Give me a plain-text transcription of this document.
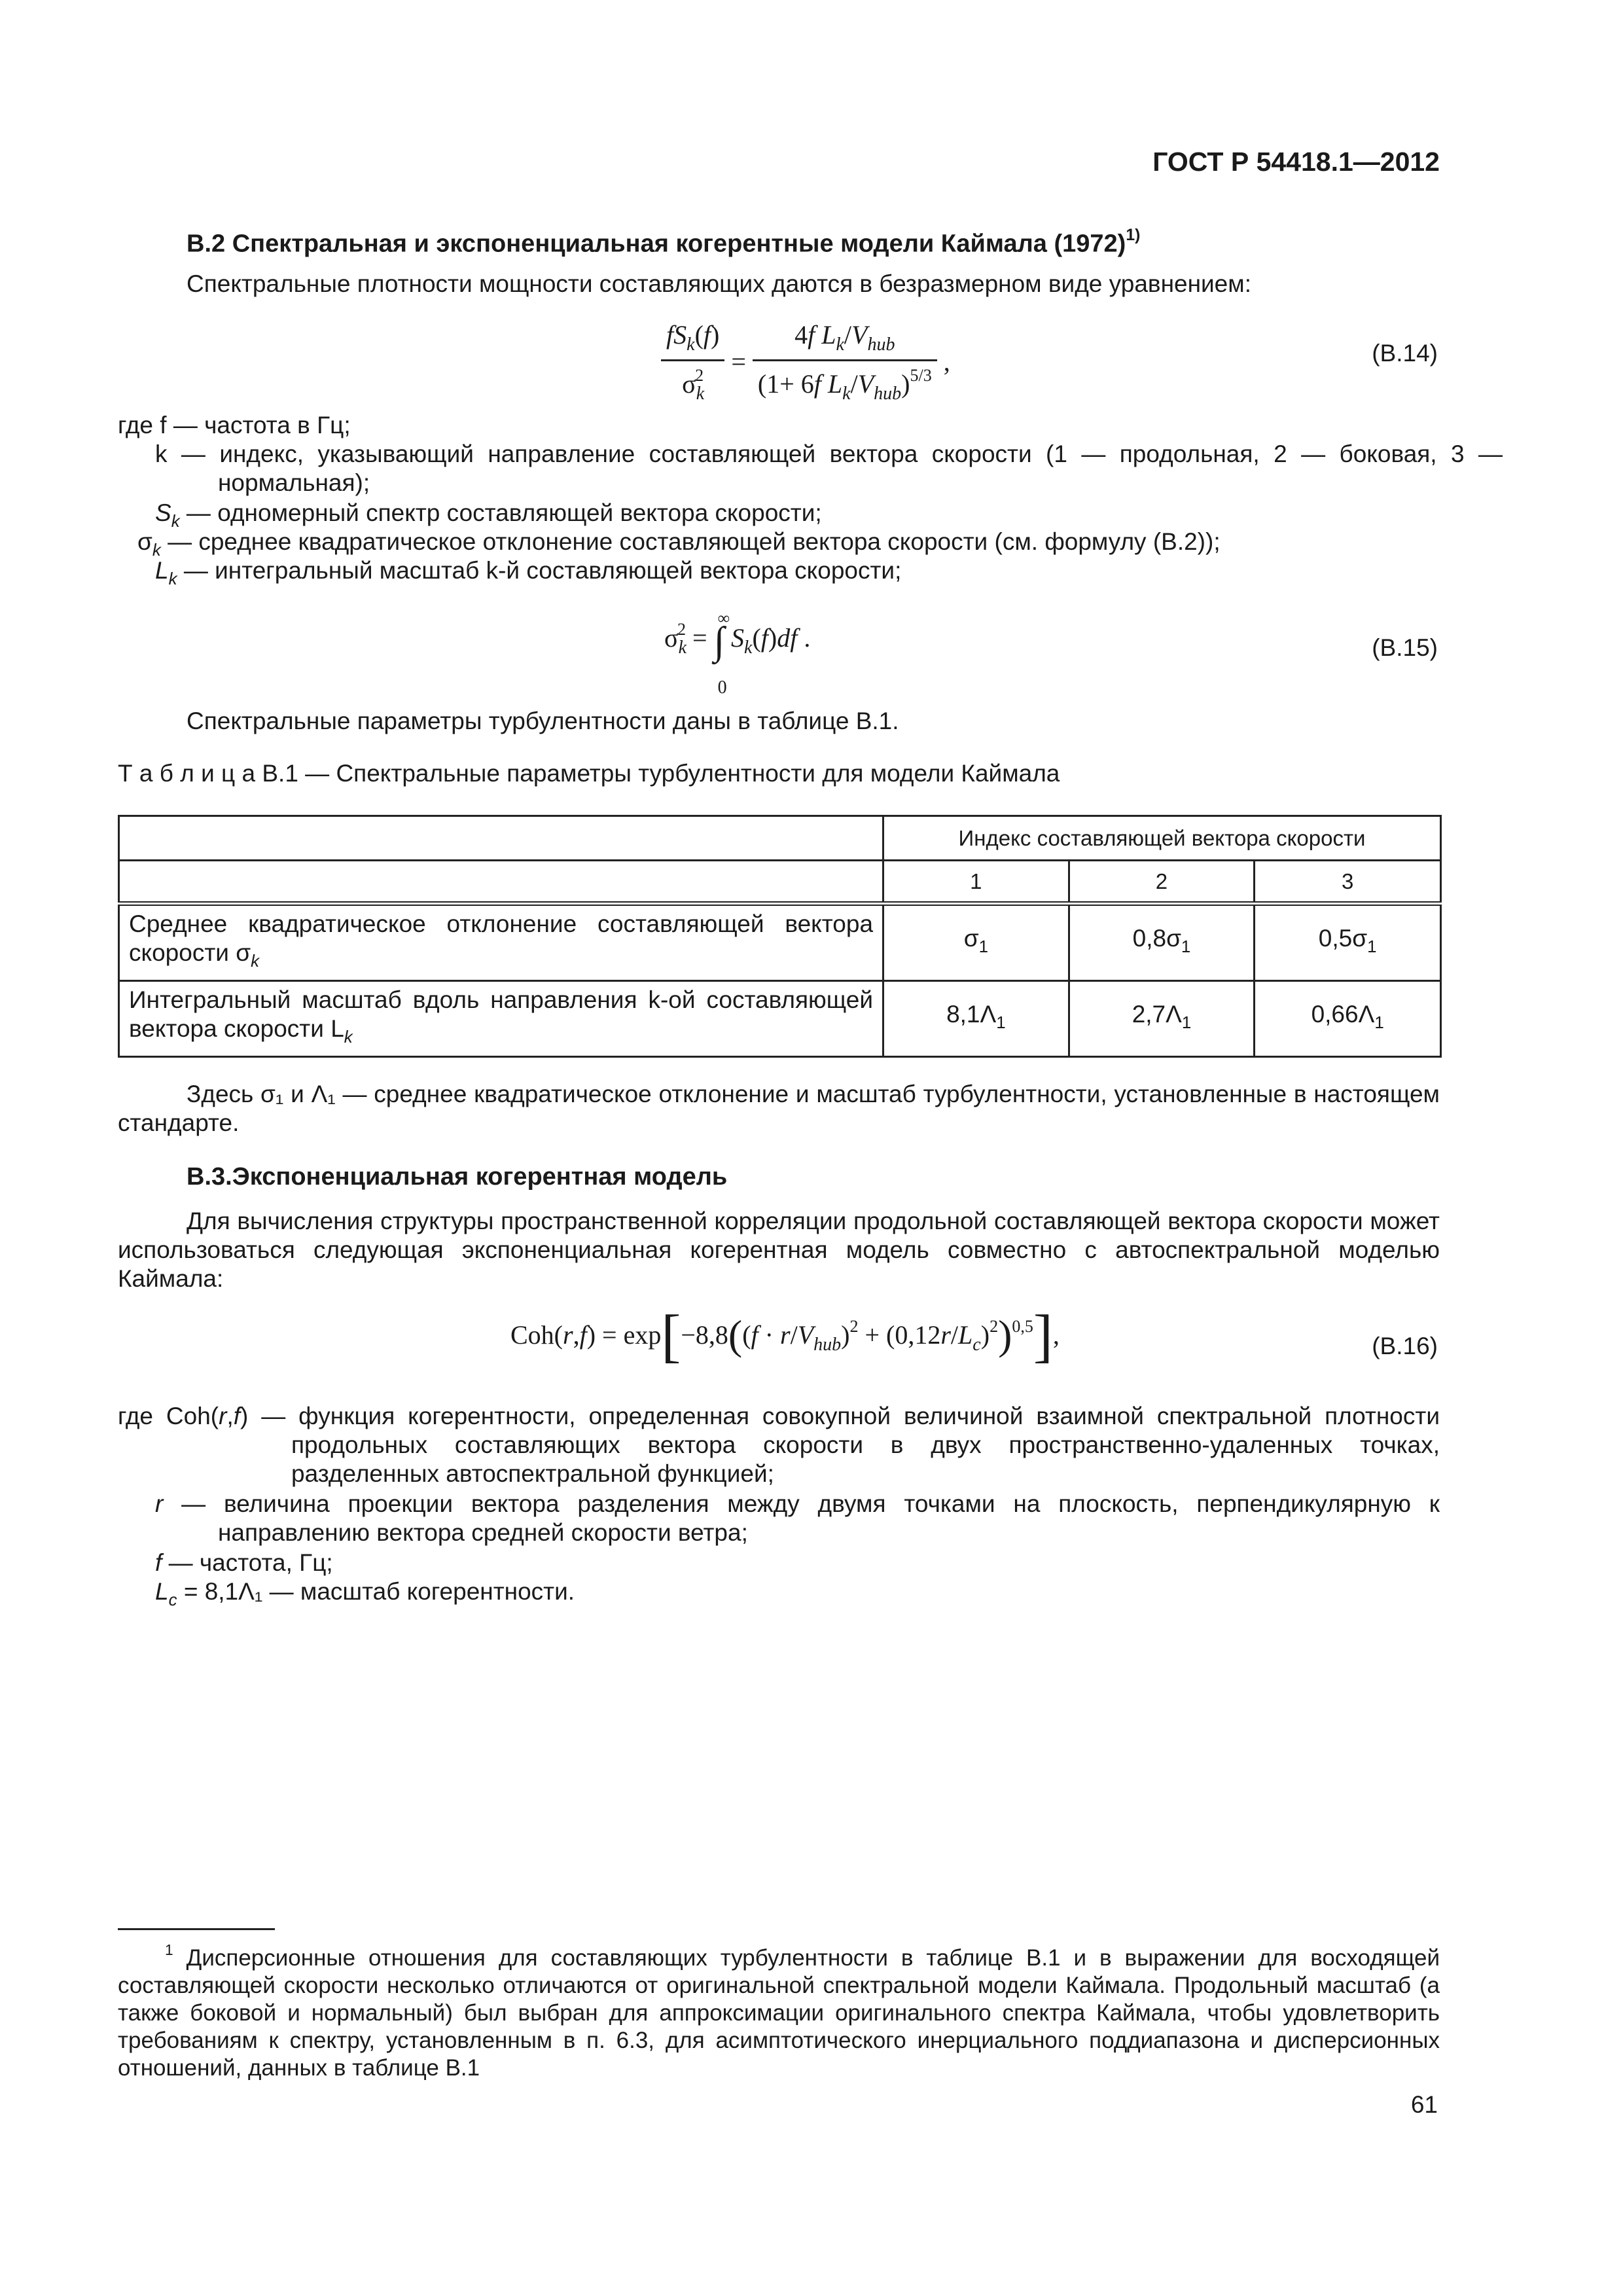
ГОСТ Р 54418.1—2012
В.2 Спектральная и экспоненциальная когерентные модели Каймала $(1972)^{1)}$
Спектральные плотности мощности составляющих даются в безразмерном виде уравнением:
$\frac{fS_k(f)}{\sigma_k^2} = \frac{4f L_k/V_{hub}}{(1+ 6f L_k/V_{hub})^{5/3}}$ ,	(В.14)
где f — частота в Гц;
k — индекс, указывающий направление составляющей вектора скорости (1 — продольная, 2 — боковая, 3 — нормальная);
$S_k$ — одномерный спектр составляющей вектора скорости;
$\sigma_k$ — среднее квадратическое отклонение составляющей вектора скорости (см. формулу (В.2));
$L_k$ — интегральный масштаб k-й составляющей вектора скорости;
$\sigma_k^2$ = ∫
∞
0
$S_k(f)df$ .	(В.15)
Спектральные параметры турбулентности даны в таблице В.1.
Т а б л и ц а В.1 — Спектральные параметры турбулентности для модели Каймала
	Индекс составляющей вектора скорости		
	1	2	3
Среднее квадратическое отклонение составляющей вектора скорости $\sigma_k$	$\sigma_1$	$0,8\sigma_1$	$0,5\sigma_1$
Интегральный масштаб вдоль направления k-ой составляющей вектора скорости $L_k$	$8,1\Lambda_1$	$2,7\Lambda_1$	$0,66\Lambda_1$
Здесь σ₁ и Λ₁ — среднее квадратическое отклонение и масштаб турбулентности, установленные в настоящем стандарте.
В.3.Экспоненциальная когерентная модель
Для вычисления структуры пространственной корреляции продольной составляющей вектора скорости может использоваться следующая экспоненциальная когерентная модель совместно с автоспектральной моделью Каймала:
$Coh(r,f) = \exp[-8,8((f \cdot r/V_{hub})^2 + (0,12r/L_c)^2)^{0,5}]$,	(В.16)
где Coh(r,f) — функция когерентности, определенная совокупной величиной взаимной спектральной плотности продольных составляющих вектора скорости в двух пространственно-удаленных точках, разделенных автоспектральной функцией;
r — величина проекции вектора разделения между двумя точками на плоскость, перпендикулярную к направлению вектора средней скорости ветра;
f — частота, Гц;
$L_c = 8,1\Lambda_1$ — масштаб когерентности.
$^1$ Дисперсионные отношения для составляющих турбулентности в таблице В.1 и в выражении для восходящей составляющей скорости несколько отличаются от оригинальной спектральной модели Каймала. Продольный масштаб (а также боковой и нормальный) был выбран для аппроксимации оригинального спектра Каймала, чтобы удовлетворить требованиям к спектру, установленным в п. 6.3, для асимптотического инерциального поддиапазона и дисперсионных отношений, данных в таблице В.1
61
